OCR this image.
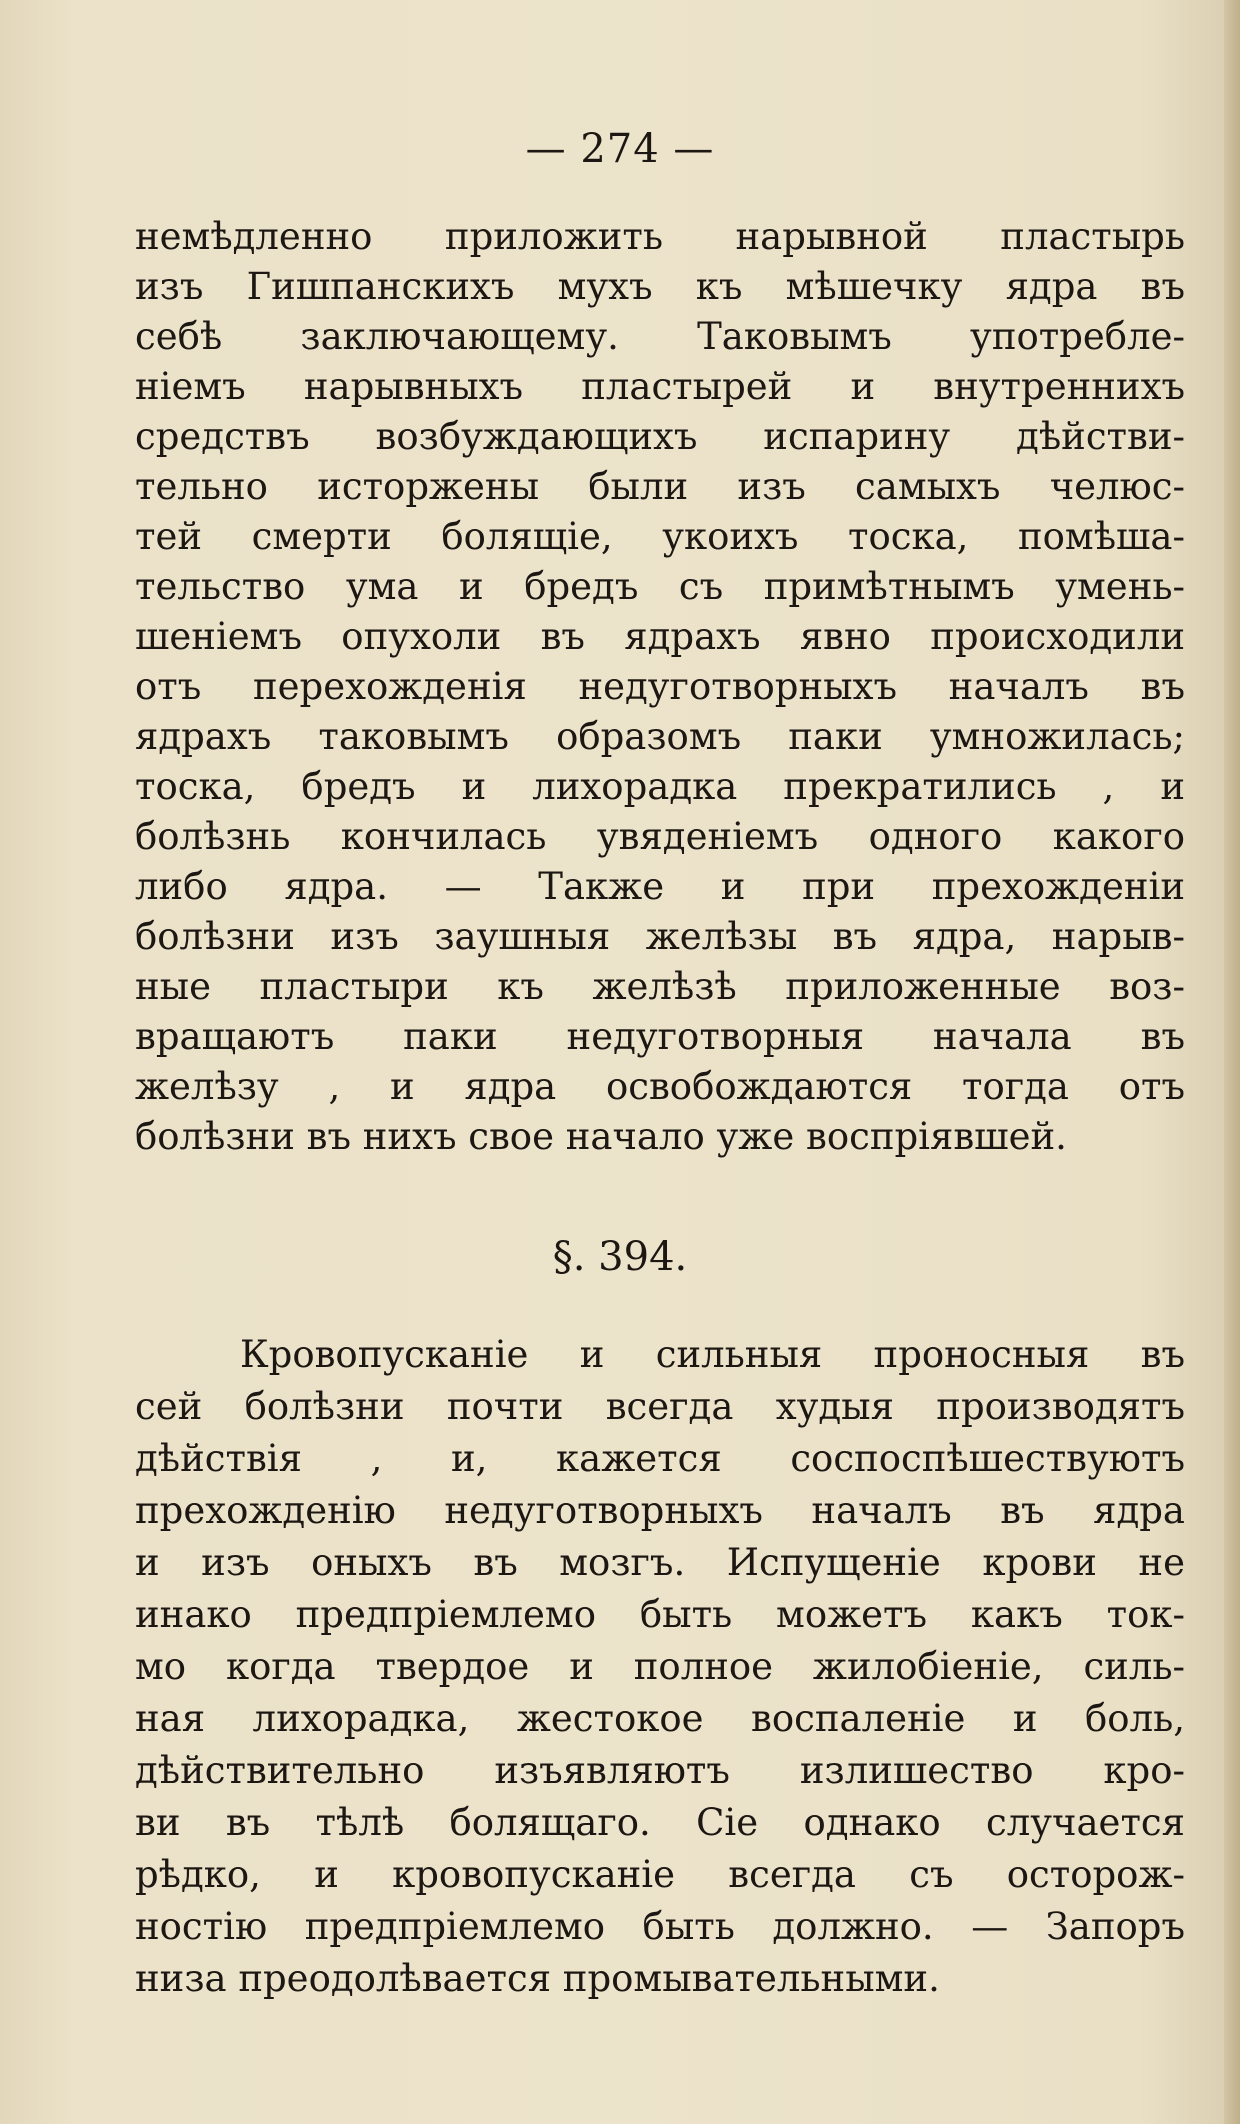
— 274 —
немѣдленно приложить нарывной пластырь
изъ Гишпанскихъ мухъ къ мѣшечку ядра въ
себѣ заключающему. Таковымъ употребле-
ніемъ нарывныхъ пластырей и внутреннихъ
средствъ возбуждающихъ испарину дѣйстви-
тельно исторжены были изъ самыхъ челюс-
тей смерти болящіе, укоихъ тоска, помѣша-
тельство ума и бредъ съ примѣтнымъ умень-
шеніемъ опухоли въ ядрахъ явно происходили
отъ перехожденія недуготворныхъ началъ въ
ядрахъ таковымъ образомъ паки умножилась;
тоска, бредъ и лихорадка прекратились , и
болѣзнь кончилась увяденіемъ одного какого
либо ядра. — Также и при прехожденіи
болѣзни изъ заушныя желѣзы въ ядра, нарыв-
ные пластыри къ желѣзѣ приложенные воз-
вращаютъ паки недуготворныя начала въ
желѣзу , и ядра освобождаются тогда отъ
болѣзни въ нихъ свое начало уже воспріявшей.
§. 394.
Кровопусканіе и сильныя проносныя въ
сей болѣзни почти всегда худыя производятъ
дѣйствія , и, кажется соспоспѣшествуютъ
прехожденію недуготворныхъ началъ въ ядра
и изъ оныхъ въ мозгъ. Испущеніе крови не
инако предпріемлемо быть можетъ какъ ток-
мо когда твердое и полное жилобіеніе, силь-
ная лихорадка, жестокое воспаленіе и боль,
дѣйствительно изъявляютъ излишество кро-
ви въ тѣлѣ болящаго. Сіе однако случается
рѣдко, и кровопусканіе всегда съ осторож-
ностію предпріемлемо быть должно. — Запоръ
низа преодолѣвается промывательными.
